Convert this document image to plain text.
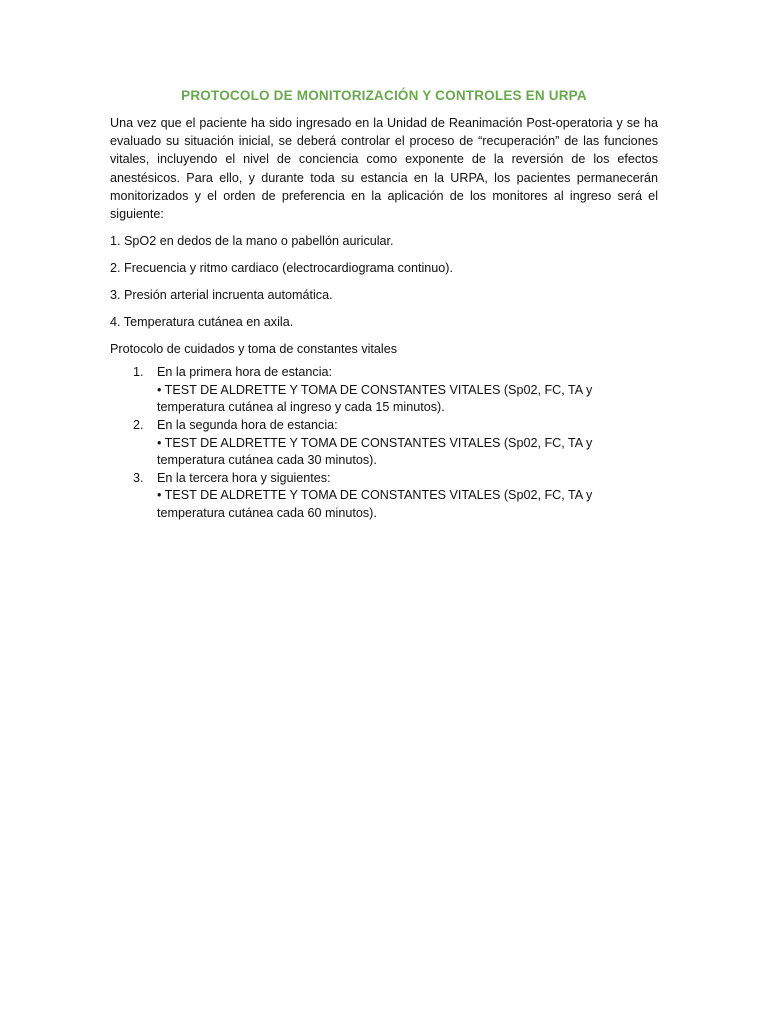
PROTOCOLO DE MONITORIZACIÓN Y CONTROLES EN URPA

Una vez que el paciente ha sido ingresado en la Unidad de Reanimación Post-operatoria y se ha evaluado su situación inicial, se deberá controlar el proceso de “recuperación” de las funciones vitales, incluyendo el nivel de conciencia como exponente de la reversión de los efectos anestésicos. Para ello, y durante toda su estancia en la URPA, los pacientes permanecerán monitorizados y el orden de preferencia en la aplicación de los monitores al ingreso será el siguiente:

1. SpO2 en dedos de la mano o pabellón auricular.

2. Frecuencia y ritmo cardiaco (electrocardiograma continuo).

3. Presión arterial incruenta automática.

4. Temperatura cutánea en axila.

Protocolo de cuidados y toma de constantes vitales

1. En la primera hora de estancia:
• TEST DE ALDRETTE Y TOMA DE CONSTANTES VITALES (Sp02, FC, TA y temperatura cutánea al ingreso y cada 15 minutos).
2. En la segunda hora de estancia:
• TEST DE ALDRETTE Y TOMA DE CONSTANTES VITALES (Sp02, FC, TA y temperatura cutánea cada 30 minutos).
3. En la tercera hora y siguientes:
• TEST DE ALDRETTE Y TOMA DE CONSTANTES VITALES (Sp02, FC, TA y temperatura cutánea cada 60 minutos).
